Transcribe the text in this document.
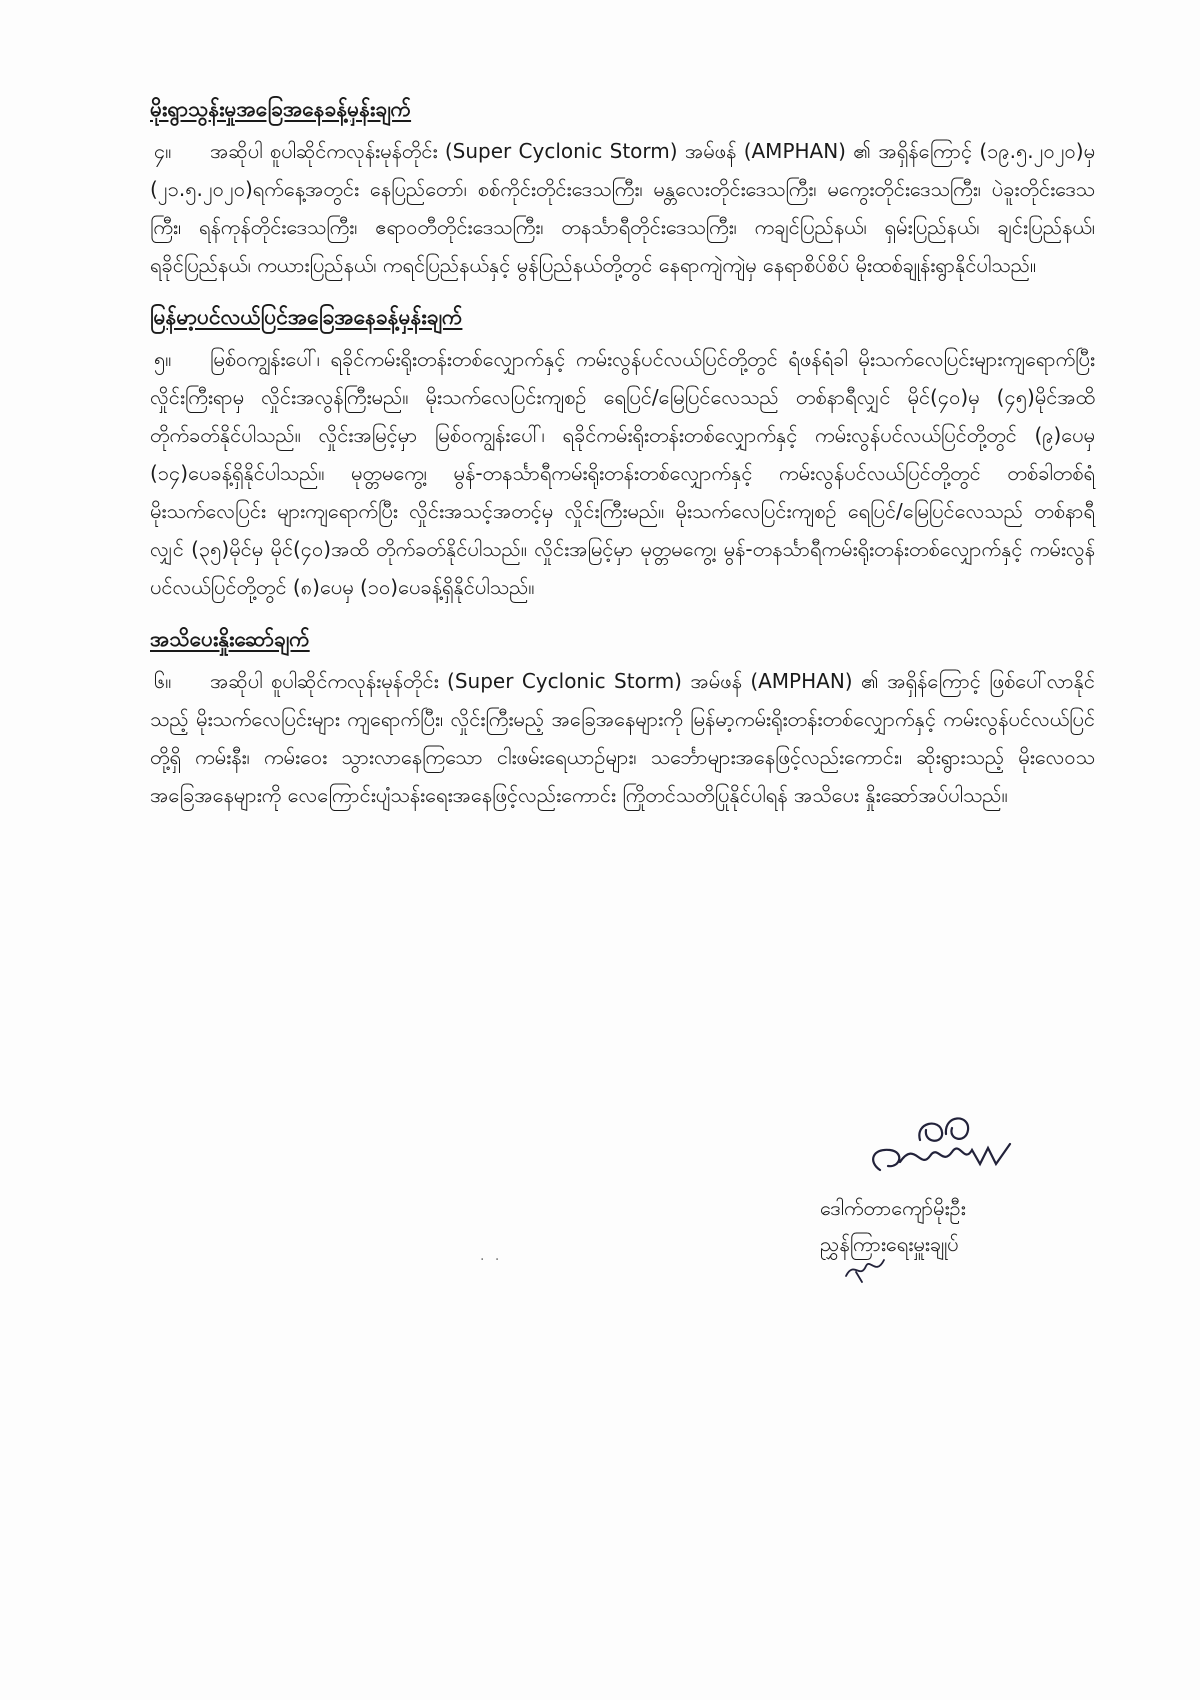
မိုးရွာသွန်းမှုအခြေအနေခန့်မှန်းချက်

၄။ အဆိုပါ စူပါဆိုင်ကလုန်းမုန်တိုင်း (Super Cyclonic Storm) အမ်ဖန် (AMPHAN) ၏ အရှိန်ကြောင့် (၁၉.၅.၂၀၂၀)မှ (၂၁.၅.၂၀၂၀)ရက်နေ့အတွင်း နေပြည်တော်၊ စစ်ကိုင်းတိုင်းဒေသကြီး၊ မန္တလေးတိုင်းဒေသကြီး၊ မကွေးတိုင်းဒေသကြီး၊ ပဲခူးတိုင်းဒေသကြီး၊ ရန်ကုန်တိုင်းဒေသကြီး၊ ဧရာဝတီတိုင်းဒေသကြီး၊ တနင်္သာရီတိုင်းဒေသကြီး၊ ကချင်ပြည်နယ်၊ ရှမ်းပြည်နယ်၊ ချင်းပြည်နယ်၊ ရခိုင်ပြည်နယ်၊ ကယားပြည်နယ်၊ ကရင်ပြည်နယ်နှင့် မွန်ပြည်နယ်တို့တွင် နေရာကျဲကျဲမှ နေရာစိပ်စိပ် မိုးထစ်ချုန်းရွာနိုင်ပါသည်။

မြန်မာ့ပင်လယ်ပြင်အခြေအနေခန့်မှန်းချက်

၅။ မြစ်ဝကျွန်းပေါ်၊ ရခိုင်ကမ်းရိုးတန်းတစ်လျှောက်နှင့် ကမ်းလွန်ပင်လယ်ပြင်တို့တွင် ရံဖန်ရံခါ မိုးသက်လေပြင်းများကျရောက်ပြီး လှိုင်းကြီးရာမှ လှိုင်းအလွန်ကြီးမည်။ မိုးသက်လေပြင်းကျစဉ် ရေပြင်/မြေပြင်လေသည် တစ်နာရီလျှင် မိုင်(၄၀)မှ (၄၅)မိုင်အထိ တိုက်ခတ်နိုင်ပါသည်။ လှိုင်းအမြင့်မှာ မြစ်ဝကျွန်းပေါ်၊ ရခိုင်ကမ်းရိုးတန်းတစ်လျှောက်နှင့် ကမ်းလွန်ပင်လယ်ပြင်တို့တွင် (၉)ပေမှ (၁၄)ပေခန့်ရှိနိုင်ပါသည်။ မုတ္တမကွေ့၊ မွန်-တနင်္သာရီကမ်းရိုးတန်းတစ်လျှောက်နှင့် ကမ်းလွန်ပင်လယ်ပြင်တို့တွင် တစ်ခါတစ်ရံ မိုးသက်လေပြင်း များကျရောက်ပြီး လှိုင်းအသင့်အတင့်မှ လှိုင်းကြီးမည်။ မိုးသက်လေပြင်းကျစဉ် ရေပြင်/မြေပြင်လေသည် တစ်နာရီလျှင် (၃၅)မိုင်မှ မိုင်(၄၀)အထိ တိုက်ခတ်နိုင်ပါသည်။ လှိုင်းအမြင့်မှာ မုတ္တမကွေ့၊ မွန်-တနင်္သာရီကမ်းရိုးတန်းတစ်လျှောက်နှင့် ကမ်းလွန်ပင်လယ်ပြင်တို့တွင် (၈)ပေမှ (၁၀)ပေခန့်ရှိနိုင်ပါသည်။

အသိပေးနှိုးဆော်ချက်

၆။ အဆိုပါ စူပါဆိုင်ကလုန်းမုန်တိုင်း (Super Cyclonic Storm) အမ်ဖန် (AMPHAN) ၏ အရှိန်ကြောင့် ဖြစ်ပေါ်လာနိုင်သည့် မိုးသက်လေပြင်းများ ကျရောက်ပြီး၊ လှိုင်းကြီးမည့် အခြေအနေများကို မြန်မာ့ကမ်းရိုးတန်းတစ်လျှောက်နှင့် ကမ်းလွန်ပင်လယ်ပြင်တို့ရှိ ကမ်းနီး၊ ကမ်းဝေး သွားလာနေကြသော ငါးဖမ်းရေယာဉ်များ၊ သင်္ဘောများအနေဖြင့်လည်းကောင်း၊ ဆိုးရွားသည့် မိုးလေဝသအခြေအနေများကို လေကြောင်းပျံသန်းရေးအနေဖြင့်လည်းကောင်း ကြိုတင်သတိပြုနိုင်ပါရန် အသိပေး နှိုးဆော်အပ်ပါသည်။

ဒေါက်တာကျော်မိုးဦး

ညွှန်ကြားရေးမှူးချုပ်

· ·
